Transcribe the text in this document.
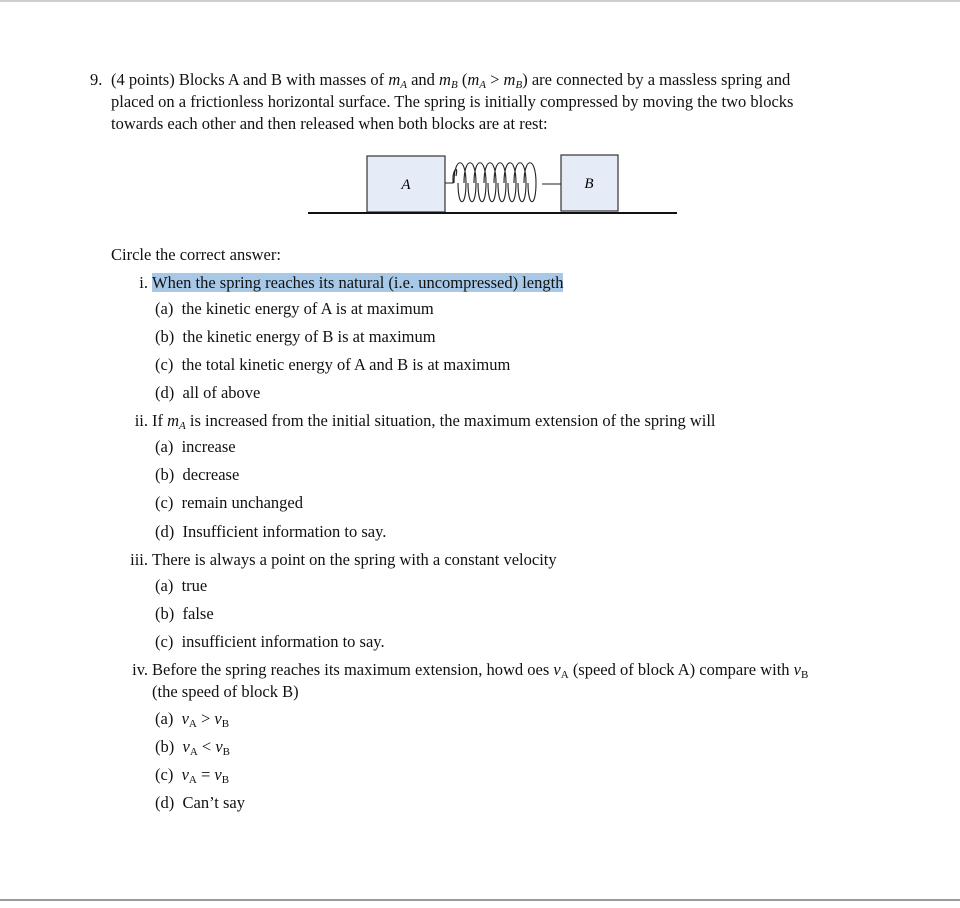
9. (4 points) Blocks A and B with masses of $m_A$ and $m_B$ $(m_A > m_B)$ are connected by a massless spring and
placed on a frictionless horizontal surface. The spring is initially compressed by moving the two blocks
towards each other and then released when both blocks are at rest:
A	B
Circle the correct answer:
i. When the spring reaches its natural (i.e. uncompressed) length
(a) the kinetic energy of A is at maximum
(b) the kinetic energy of B is at maximum
(c) the total kinetic energy of A and B is at maximum
(d) all of above
ii. If $m_A$ is increased from the initial situation, the maximum extension of the spring will
(a) increase
(b) decrease
(c) remain unchanged
(d) Insufficient information to say.
iii. There is always a point on the spring with a constant velocity
(a) true
(b) false
(c) insufficient information to say.
iv. Before the spring reaches its maximum extension, howd oes $v_A$ (speed of block A) compare with $v_B$
(the speed of block B)
(a) $v_A > v_B$
(b) $v_A < v_B$
(c) $v_A = v_B$
(d) Can’t say
